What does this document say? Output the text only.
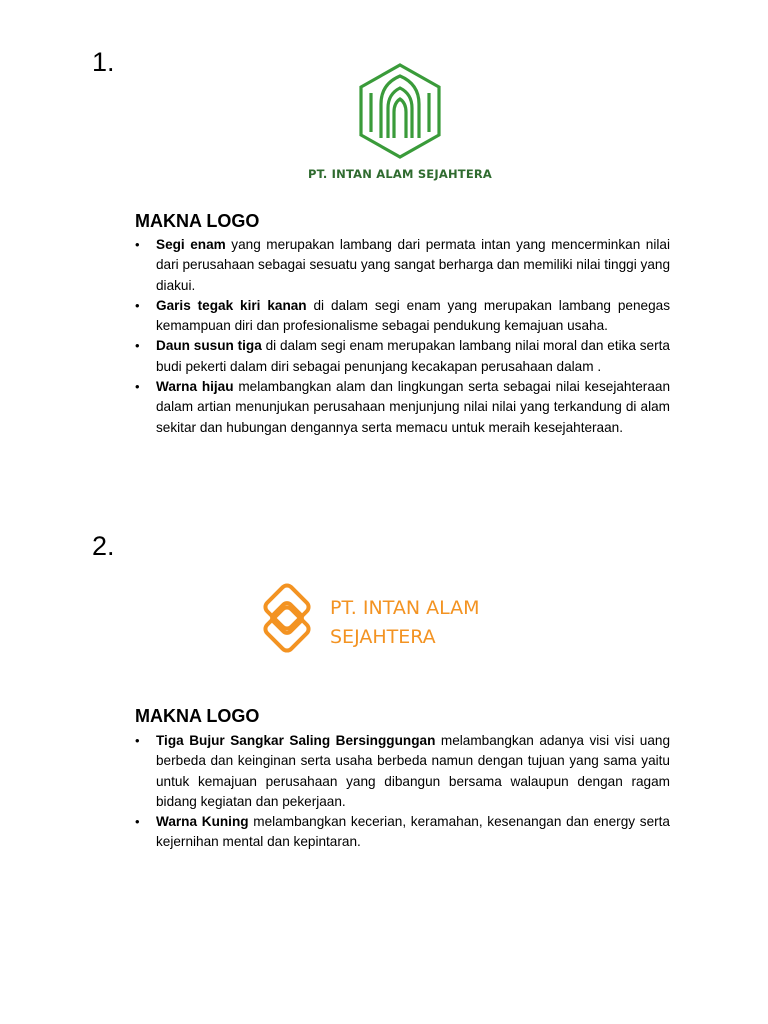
1.
PT. INTAN ALAM SEJAHTERA
MAKNA LOGO
• Segi enam yang merupakan lambang dari permata intan yang mencerminkan nilai dari perusahaan sebagai sesuatu yang sangat berharga dan memiliki nilai tinggi yang diakui.
• Garis tegak kiri kanan di dalam segi enam yang merupakan lambang penegas kemampuan diri dan profesionalisme sebagai pendukung kemajuan usaha.
• Daun susun tiga di dalam segi enam merupakan lambang nilai moral dan etika serta budi pekerti dalam diri sebagai penunjang kecakapan perusahaan dalam .
• Warna hijau melambangkan alam dan lingkungan serta sebagai nilai kesejahteraan dalam artian menunjukan perusahaan menjunjung nilai nilai yang terkandung di alam sekitar dan hubungan dengannya serta memacu untuk meraih kesejahteraan.
2.
PT. INTAN ALAM
SEJAHTERA
MAKNA LOGO
• Tiga Bujur Sangkar Saling Bersinggungan melambangkan adanya visi visi uang berbeda dan keinginan serta usaha berbeda namun dengan tujuan yang sama yaitu untuk kemajuan perusahaan yang dibangun bersama walaupun dengan ragam bidang kegiatan dan pekerjaan.
• Warna Kuning melambangkan kecerian, keramahan, kesenangan dan energy serta kejernihan mental dan kepintaran.
